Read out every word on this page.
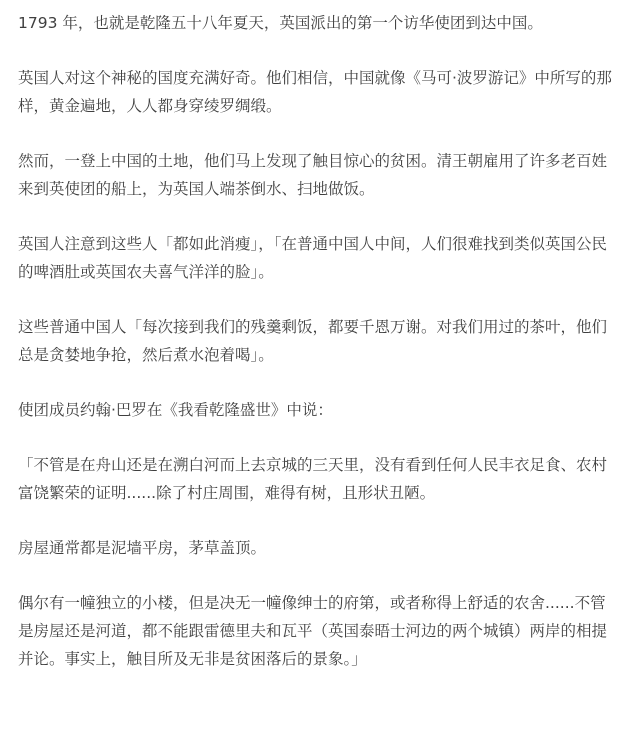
1793 年，也就是乾隆五十八年夏天，英国派出的第一个访华使团到达中国。

英国人对这个神秘的国度充满好奇。他们相信，中国就像《马可·波罗游记》中所写的那样，黄金遍地，人人都身穿绫罗绸缎。

然而，一登上中国的土地，他们马上发现了触目惊心的贫困。清王朝雇用了许多老百姓来到英使团的船上，为英国人端茶倒水、扫地做饭。

英国人注意到这些人「都如此消瘦」，「在普通中国人中间，人们很难找到类似英国公民的啤酒肚或英国农夫喜气洋洋的脸」。

这些普通中国人「每次接到我们的残羹剩饭，都要千恩万谢。对我们用过的茶叶，他们总是贪婪地争抢，然后煮水泡着喝」。

使团成员约翰·巴罗在《我看乾隆盛世》中说：

「不管是在舟山还是在溯白河而上去京城的三天里，没有看到任何人民丰衣足食、农村富饶繁荣的证明......除了村庄周围，难得有树，且形状丑陋。

房屋通常都是泥墙平房，茅草盖顶。

偶尔有一幢独立的小楼，但是决无一幢像绅士的府第，或者称得上舒适的农舍......不管是房屋还是河道，都不能跟雷德里夫和瓦平（英国泰晤士河边的两个城镇）两岸的相提并论。事实上，触目所及无非是贫困落后的景象。」
